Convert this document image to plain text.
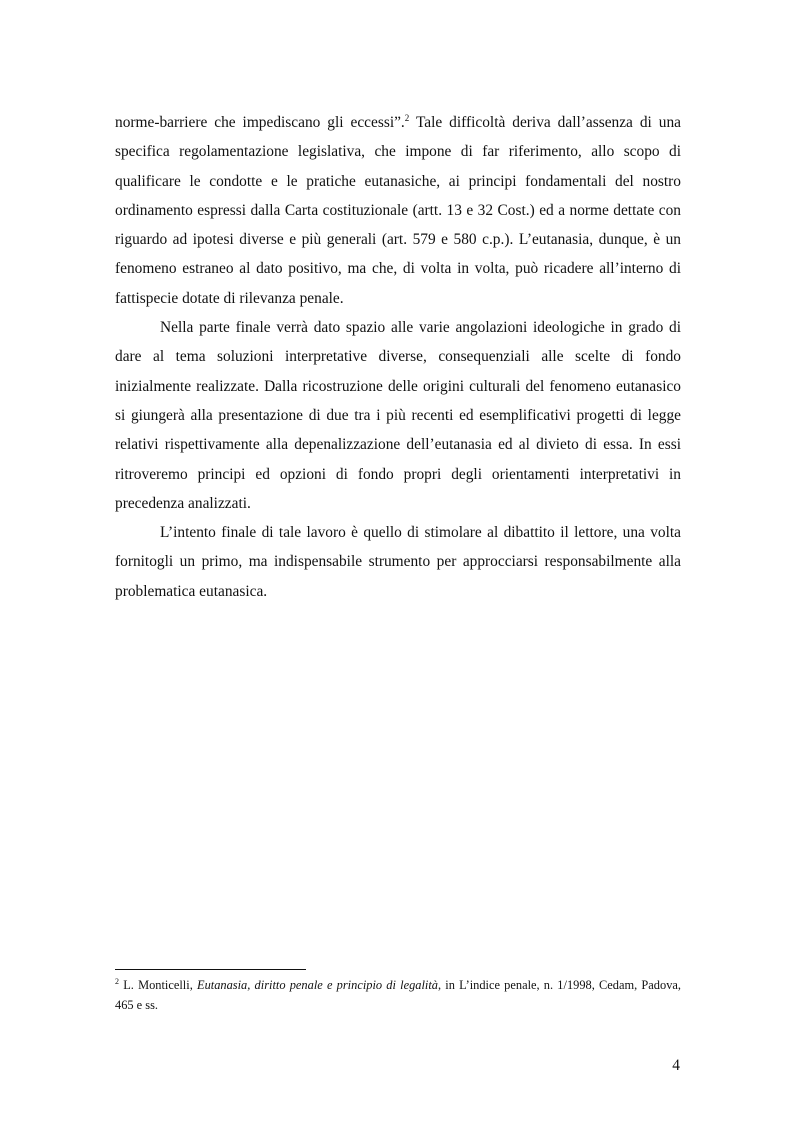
norme-barriere che impediscano gli eccessi”.$^2$ Tale difficoltà deriva dall’assenza di una specifica regolamentazione legislativa, che impone di far riferimento, allo scopo di qualificare le condotte e le pratiche eutanasiche, ai principi fondamentali del nostro ordinamento espressi dalla Carta costituzionale (artt. 13 e 32 Cost.) ed a norme dettate con riguardo ad ipotesi diverse e più generali (art. 579 e 580 c.p.). L’eutanasia, dunque, è un fenomeno estraneo al dato positivo, ma che, di volta in volta, può ricadere all’interno di fattispecie dotate di rilevanza penale.

Nella parte finale verrà dato spazio alle varie angolazioni ideologiche in grado di dare al tema soluzioni interpretative diverse, consequenziali alle scelte di fondo inizialmente realizzate. Dalla ricostruzione delle origini culturali del fenomeno eutanasico si giungerà alla presentazione di due tra i più recenti ed esemplificativi progetti di legge relativi rispettivamente alla depenalizzazione dell’eutanasia ed al divieto di essa. In essi ritroveremo principi ed opzioni di fondo propri degli orientamenti interpretativi in precedenza analizzati.

L’intento finale di tale lavoro è quello di stimolare al dibattito il lettore, una volta fornitogli un primo, ma indispensabile strumento per approcciarsi responsabilmente alla problematica eutanasica.

$^2$ L. Monticelli, Eutanasia, diritto penale e principio di legalità, in L’indice penale, n. 1/1998, Cedam, Padova, 465 e ss.
4
